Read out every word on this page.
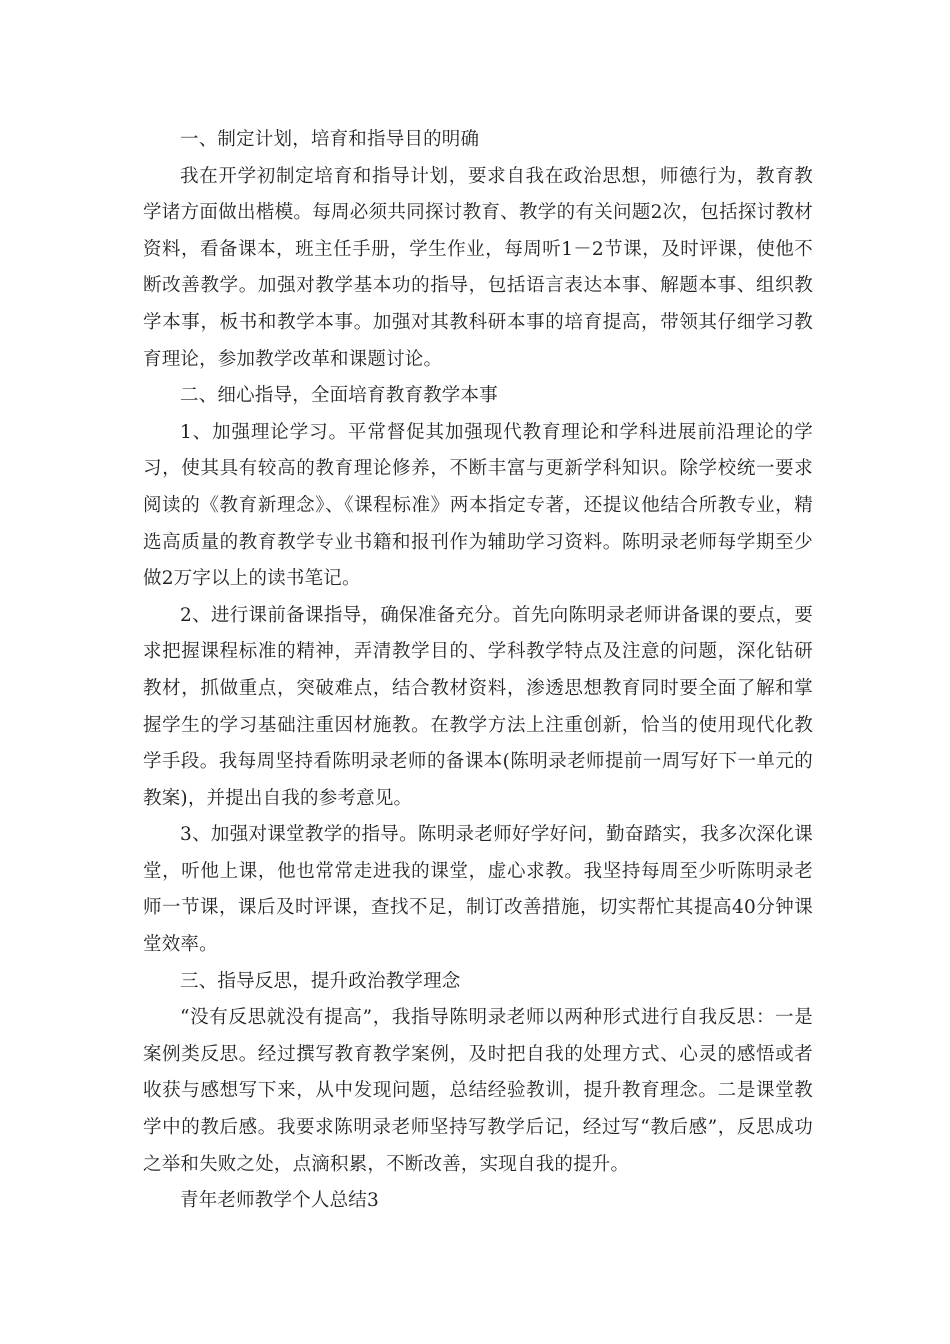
一、制定计划，培育和指导目的明确

我在开学初制定培育和指导计划，要求自我在政治思想，师德行为，教育教学诸方面做出楷模。每周必须共同探讨教育、教学的有关问题2次，包括探讨教材资料，看备课本，班主任手册，学生作业，每周听1－2节课，及时评课，使他不断改善教学。加强对教学基本功的指导，包括语言表达本事、解题本事、组织教学本事，板书和教学本事。加强对其教科研本事的培育提高，带领其仔细学习教育理论，参加教学改革和课题讨论。

二、细心指导，全面培育教育教学本事

1、加强理论学习。平常督促其加强现代教育理论和学科进展前沿理论的学习，使其具有较高的教育理论修养，不断丰富与更新学科知识。除学校统一要求阅读的《教育新理念》、《课程标准》两本指定专著，还提议他结合所教专业，精选高质量的教育教学专业书籍和报刊作为辅助学习资料。陈明录老师每学期至少做2万字以上的读书笔记。

2、进行课前备课指导，确保准备充分。首先向陈明录老师讲备课的要点，要求把握课程标准的精神，弄清教学目的、学科教学特点及注意的问题，深化钻研教材，抓做重点，突破难点，结合教材资料，渗透思想教育同时要全面了解和掌握学生的学习基础注重因材施教。在教学方法上注重创新，恰当的使用现代化教学手段。我每周坚持看陈明录老师的备课本(陈明录老师提前一周写好下一单元的教案)，并提出自我的参考意见。

3、加强对课堂教学的指导。陈明录老师好学好问，勤奋踏实，我多次深化课堂，听他上课，他也常常走进我的课堂，虚心求教。我坚持每周至少听陈明录老师一节课，课后及时评课，查找不足，制订改善措施，切实帮忙其提高40分钟课堂效率。

三、指导反思，提升政治教学理念

“没有反思就没有提高”，我指导陈明录老师以两种形式进行自我反思：一是案例类反思。经过撰写教育教学案例，及时把自我的处理方式、心灵的感悟或者收获与感想写下来，从中发现问题，总结经验教训，提升教育理念。二是课堂教学中的教后感。我要求陈明录老师坚持写教学后记，经过写“教后感”，反思成功之举和失败之处，点滴积累，不断改善，实现自我的提升。

青年老师教学个人总结3
